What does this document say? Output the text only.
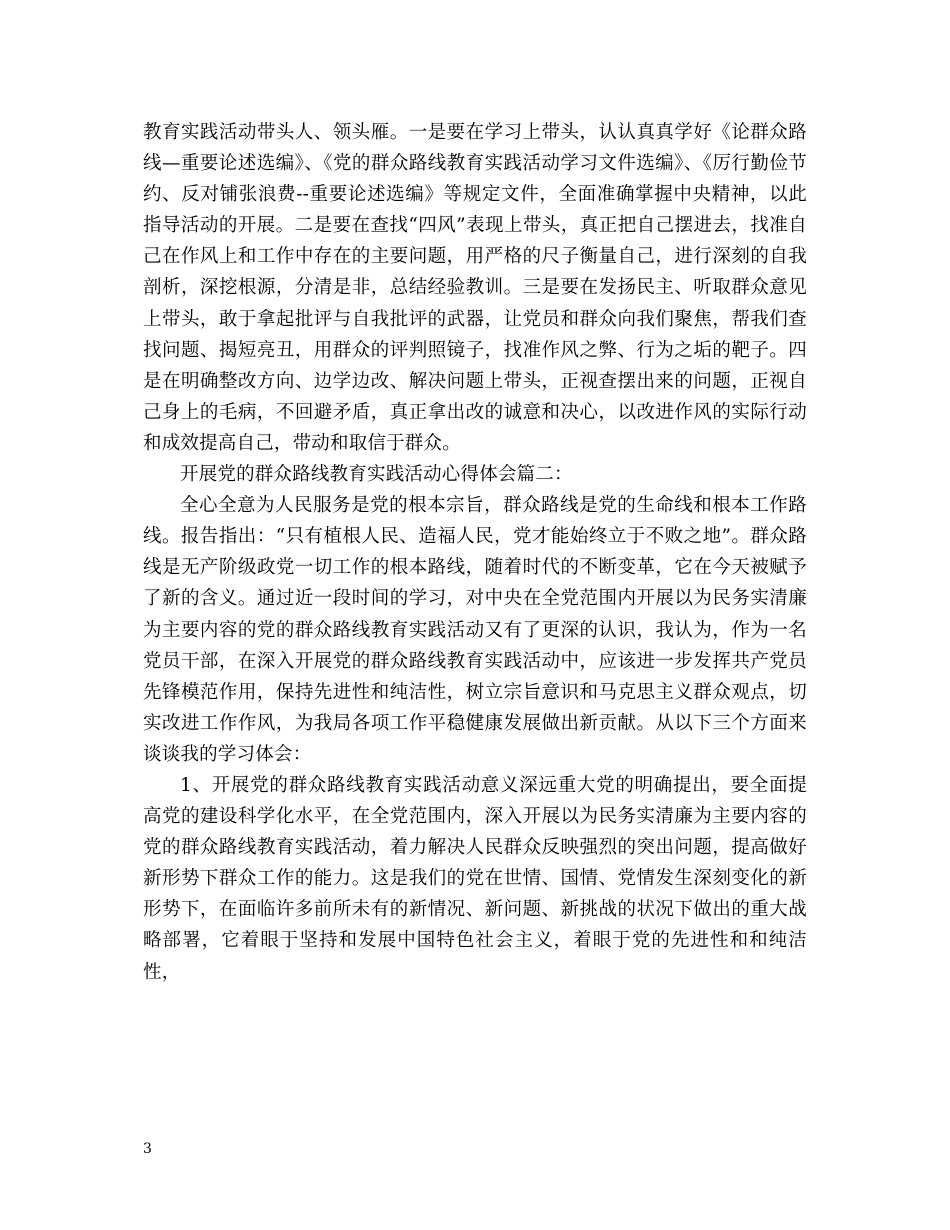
教育实践活动带头人、领头雁。一是要在学习上带头，认认真真学好《论群众路线—重要论述选编》、《党的群众路线教育实践活动学习文件选编》、《厉行勤俭节约、反对铺张浪费--重要论述选编》等规定文件，全面准确掌握中央精神，以此指导活动的开展。二是要在查找“四风”表现上带头，真正把自己摆进去，找准自己在作风上和工作中存在的主要问题，用严格的尺子衡量自己，进行深刻的自我剖析，深挖根源，分清是非，总结经验教训。三是要在发扬民主、听取群众意见上带头，敢于拿起批评与自我批评的武器，让党员和群众向我们聚焦，帮我们查找问题、揭短亮丑，用群众的评判照镜子，找准作风之弊、行为之垢的靶子。四是在明确整改方向、边学边改、解决问题上带头，正视查摆出来的问题，正视自己身上的毛病，不回避矛盾，真正拿出改的诚意和决心，以改进作风的实际行动和成效提高自己，带动和取信于群众。

开展党的群众路线教育实践活动心得体会篇二：

全心全意为人民服务是党的根本宗旨，群众路线是党的生命线和根本工作路线。报告指出：“只有植根人民、造福人民，党才能始终立于不败之地”。群众路线是无产阶级政党一切工作的根本路线，随着时代的不断变革，它在今天被赋予了新的含义。通过近一段时间的学习，对中央在全党范围内开展以为民务实清廉为主要内容的党的群众路线教育实践活动又有了更深的认识，我认为，作为一名党员干部，在深入开展党的群众路线教育实践活动中，应该进一步发挥共产党员先锋模范作用，保持先进性和纯洁性，树立宗旨意识和马克思主义群众观点，切实改进工作作风，为我局各项工作平稳健康发展做出新贡献。从以下三个方面来谈谈我的学习体会：

1、开展党的群众路线教育实践活动意义深远重大党的明确提出，要全面提高党的建设科学化水平，在全党范围内，深入开展以为民务实清廉为主要内容的党的群众路线教育实践活动，着力解决人民群众反映强烈的突出问题，提高做好新形势下群众工作的能力。这是我们的党在世情、国情、党情发生深刻变化的新形势下，在面临许多前所未有的新情况、新问题、新挑战的状况下做出的重大战略部署，它着眼于坚持和发展中国特色社会主义，着眼于党的先进性和和纯洁性，

3
